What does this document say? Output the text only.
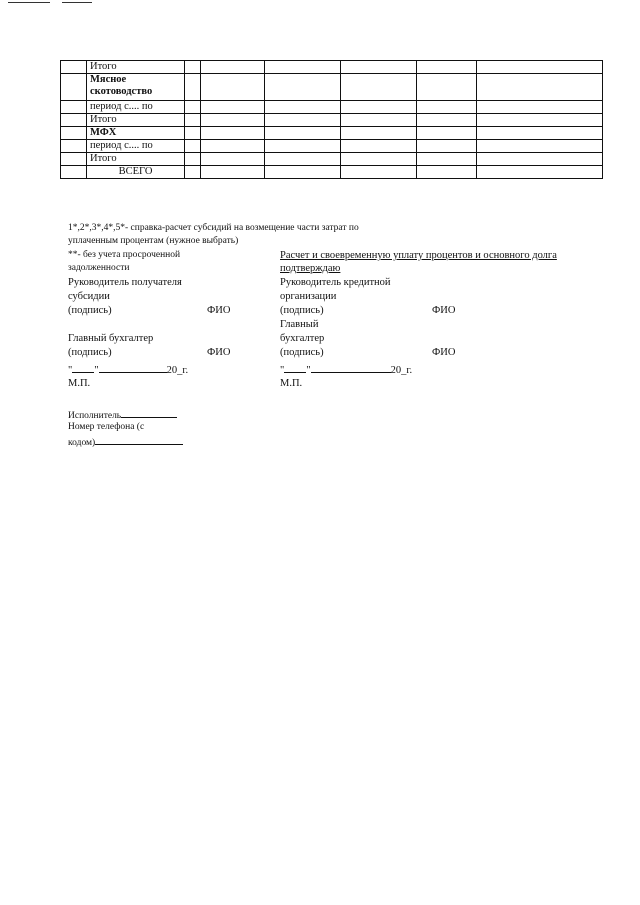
	Итого						
	Мясное скотоводство						
	период с.... по						
	Итого						
	МФХ						
	период с.... по						
	Итого						
	ВСЕГО						
1*,2*,3*,4*,5*- справка-расчет субсидий на возмещение части затрат по
уплаченным процентам (нужное выбрать)
**- без учета просроченной
задолженности
Руководитель получателя
субсидии
(подпись)	ФИО
Главный бухгалтер
(подпись)	ФИО
" "	20_г.
М.П.
Расчет и своевременную уплату процентов и основного долга
подтверждаю
Руководитель кредитной
организации
(подпись)	ФИО
Главный
бухгалтер
(подпись)	ФИО
" "	20_г.
М.П.
Исполнитель
Номер телефона (с
кодом)
